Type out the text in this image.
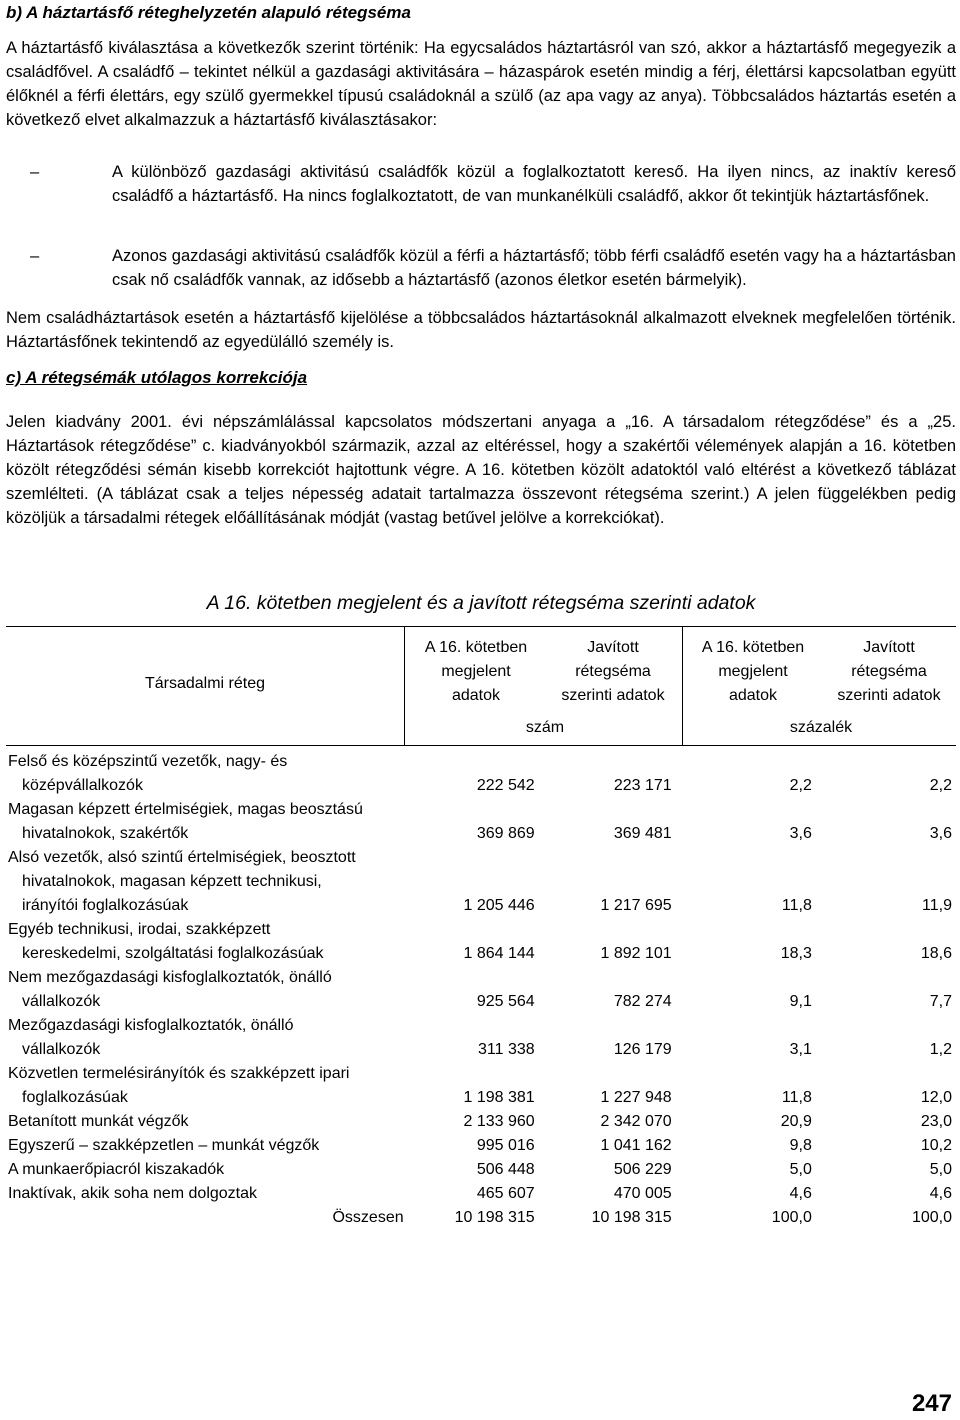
b) A háztartásfő réteghelyzetén alapuló rétegséma

A háztartásfő kiválasztása a következők szerint történik: Ha egycsaládos háztartásról van szó, akkor a háztartásfő megegyezik a családfővel. A családfő – tekintet nélkül a gazdasági aktivitására – házaspárok esetén mindig a férj, élettársi kapcsolatban együtt élőknél a férfi élettárs, egy szülő gyermekkel típusú családoknál a szülő (az apa vagy az anya). Többcsaládos háztartás esetén a következő elvet alkalmazzuk a háztartásfő kiválasztásakor:

–	A különböző gazdasági aktivitású családfők közül a foglalkoztatott kereső. Ha ilyen nincs, az inaktív kereső családfő a háztartásfő. Ha nincs foglalkoztatott, de van munkanélküli családfő, akkor őt tekintjük háztartásfőnek.
–	Azonos gazdasági aktivitású családfők közül a férfi a háztartásfő; több férfi családfő esetén vagy ha a háztartásban csak nő családfők vannak, az idősebb a háztartásfő (azonos életkor esetén bármelyik).

Nem családháztartások esetén a háztartásfő kijelölése a többcsaládos háztartásoknál alkalmazott elveknek megfelelően történik. Háztartásfőnek tekintendő az egyedülálló személy is.

c) A rétegsémák utólagos korrekciója

Jelen kiadvány 2001. évi népszámlálással kapcsolatos módszertani anyaga a „16. A társadalom rétegződése” és a „25. Háztartások rétegződése” c. kiadványokból származik, azzal az eltéréssel, hogy a szakértői vélemények alapján a 16. kötetben közölt rétegződési sémán kisebb korrekciót hajtottunk végre. A 16. kötetben közölt adatoktól való eltérést a következő táblázat szemlélteti. (A táblázat csak a teljes népesség adatait tartalmazza összevont rétegséma szerint.) A jelen függelékben pedig közöljük a társadalmi rétegek előállításának módját (vastag betűvel jelölve a korrekciókat).

A 16. kötetben megjelent és a javított rétegséma szerinti adatok

Társadalmi réteg
A 16. kötetben
megjelent
adatok
Javított
rétegséma
szerinti adatok
A 16. kötetben
megjelent
adatok
Javított
rétegséma
szerinti adatok
szám	százalék
Felső és középszintű vezetők, nagy- és
középvállalkozók	222 542	223 171	2,2	2,2

Magasan képzett értelmiségiek, magas beosztású
hivatalnokok, szakértők	369 869	369 481	3,6	3,6

Alsó vezetők, alsó szintű értelmiségiek, beosztott
hivatalnokok, magasan képzett technikusi,
irányítói foglalkozásúak	1 205 446	1 217 695	11,8	11,9

Egyéb technikusi, irodai, szakképzett
kereskedelmi, szolgáltatási foglalkozásúak	1 864 144	1 892 101	18,3	18,6

Nem mezőgazdasági kisfoglalkoztatók, önálló
vállalkozók	925 564	782 274	9,1	7,7

Mezőgazdasági kisfoglalkoztatók, önálló
vállalkozók	311 338	126 179	3,1	1,2

Közvetlen termelésirányítók és szakképzett ipari
foglalkozásúak	1 198 381	1 227 948	11,8	12,0

Betanított munkát végzők	2 133 960	2 342 070	20,9	23,0

Egyszerű – szakképzetlen – munkát végzők	995 016	1 041 162	9,8	10,2

A munkaerőpiacról kiszakadók	506 448	506 229	5,0	5,0

Inaktívak, akik soha nem dolgoztak	465 607	470 005	4,6	4,6
Összesen	10 198 315	10 198 315	100,0	100,0
247
